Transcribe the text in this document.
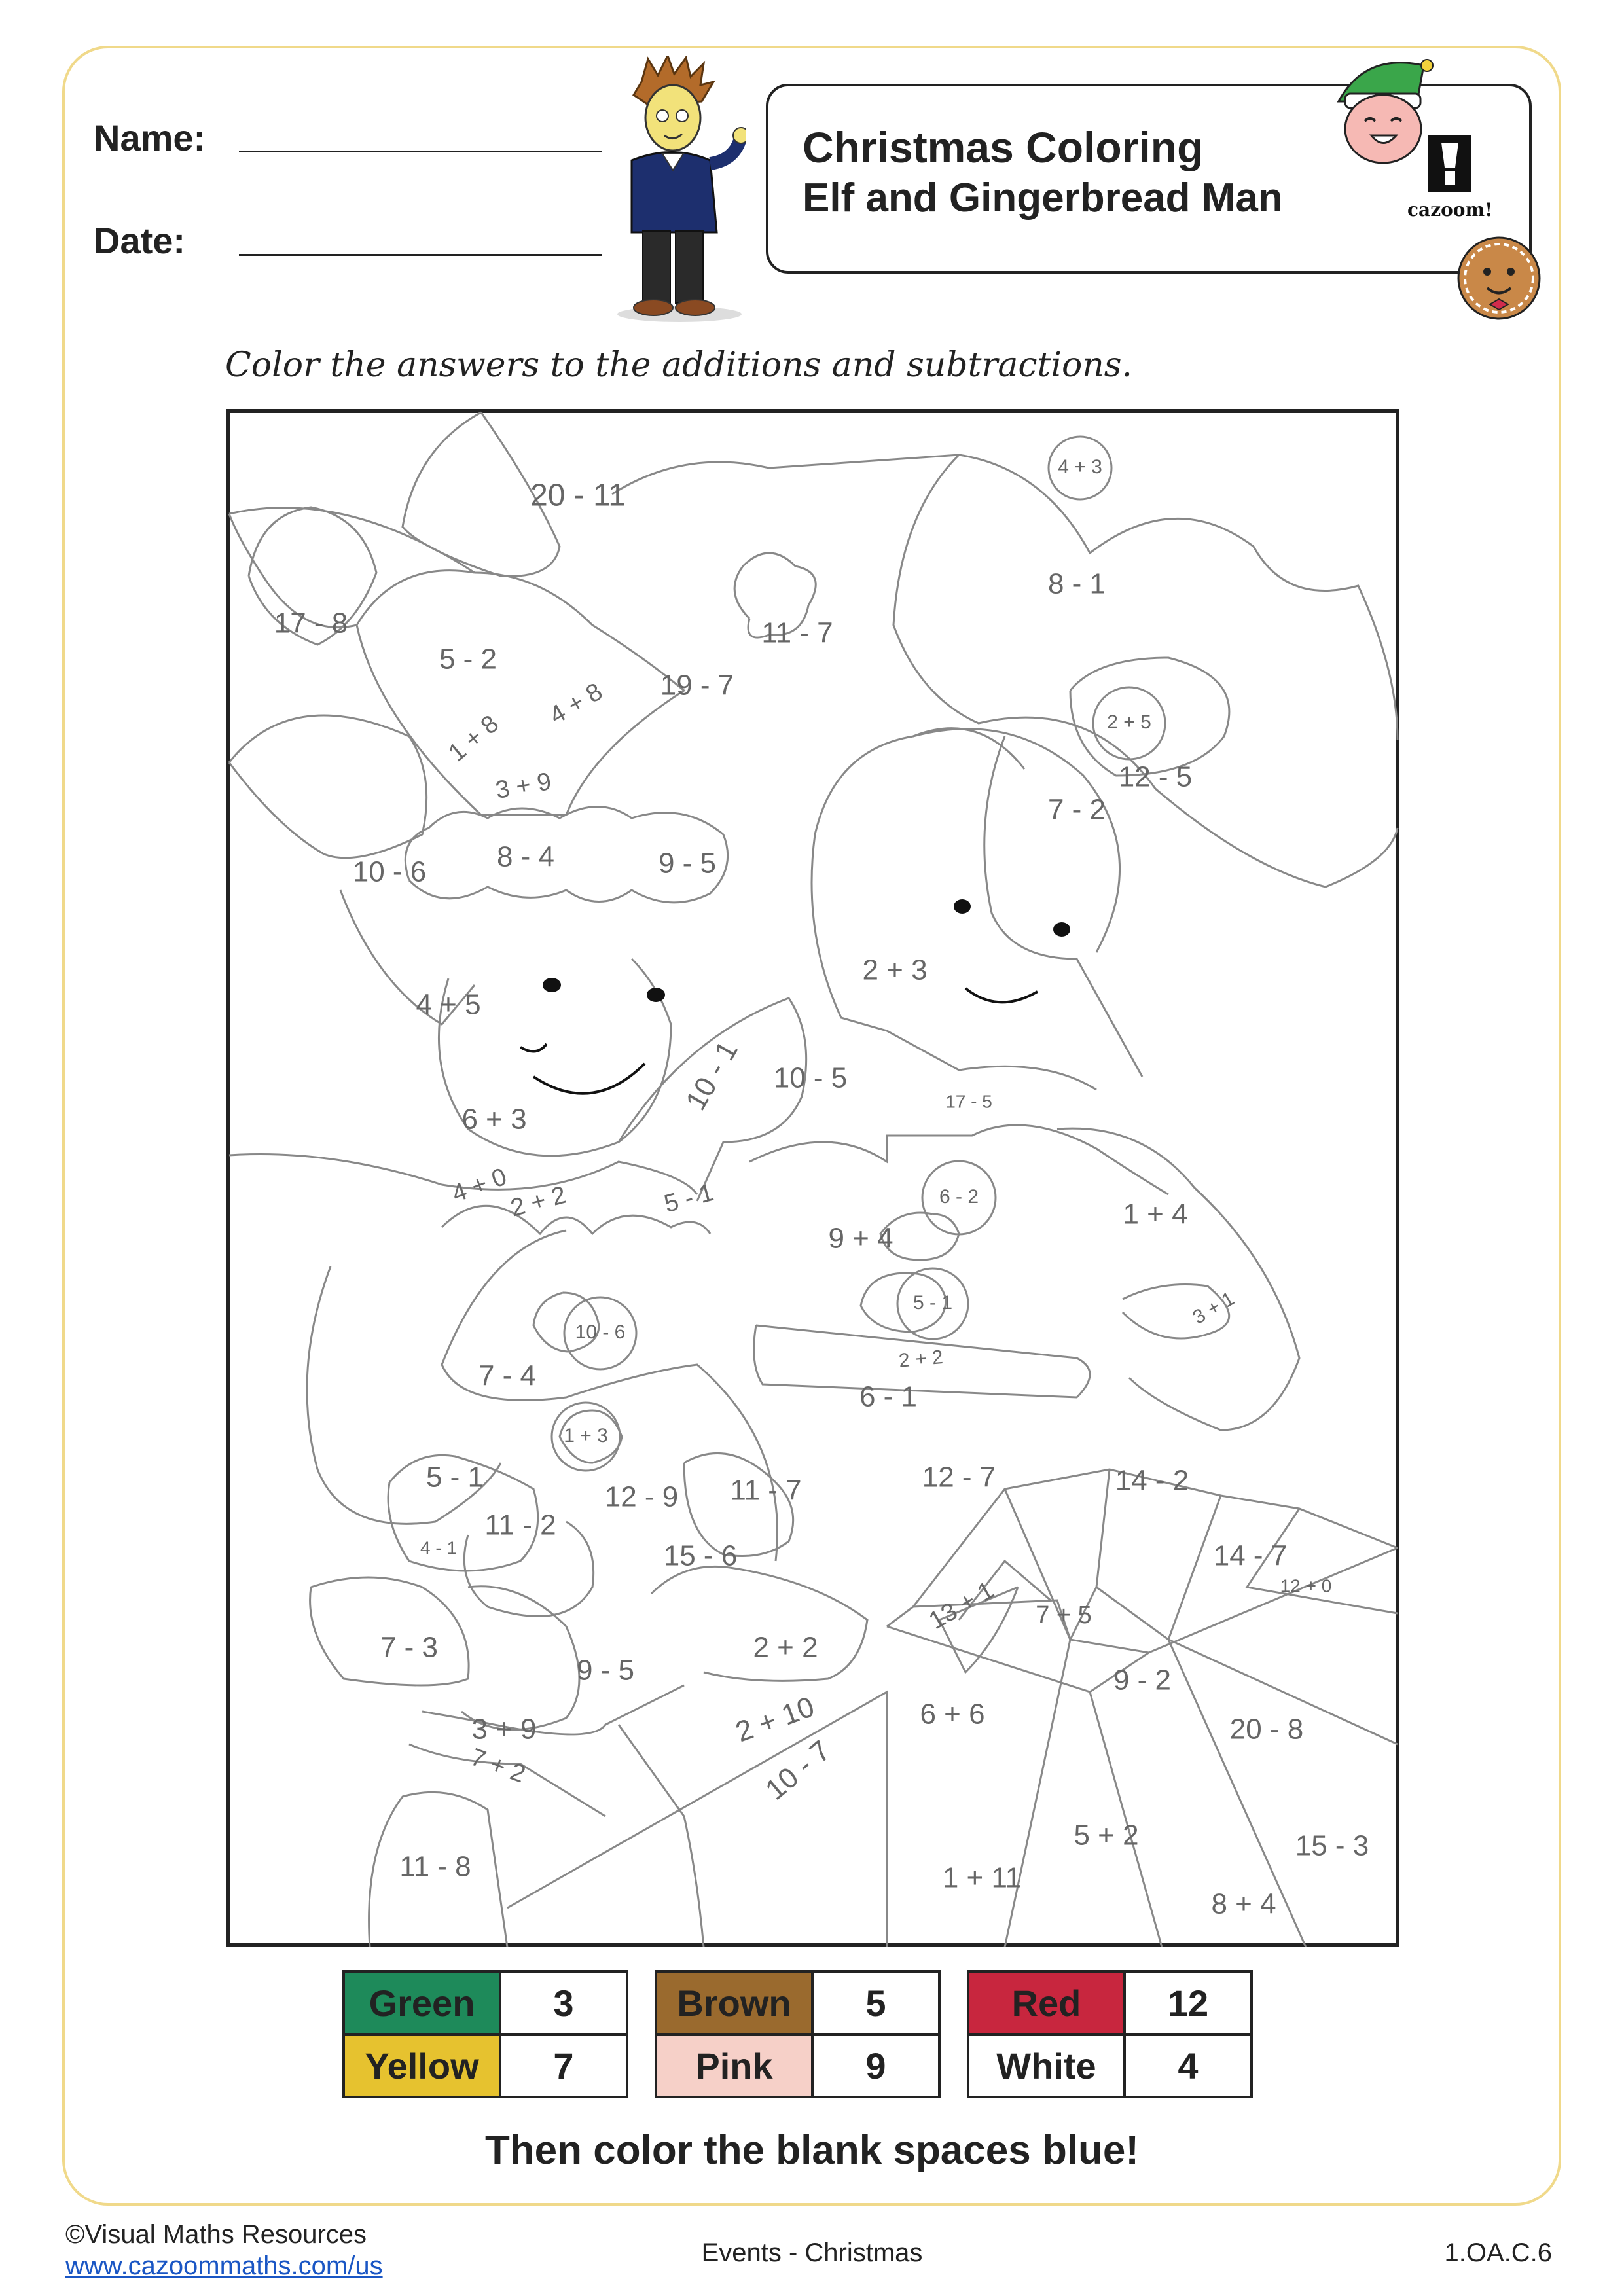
Name:
Date:
Christmas Coloring
Elf and Gingerbread Man	cazoom!
Color the answers to the additions and subtractions.
20 - 11
4 + 3
17 - 8
5 - 2
11 - 7
8 - 1
19 - 7
4 + 8
1 + 8
3 + 9
2 + 5
12 - 5
7 - 2
10 - 6 8 - 4	9 - 5
2 + 3
4 + 5
10 - 1 10 - 5
17 - 5
6 + 3
4 + 0
2 + 2	5 - 1	6 - 2
1 + 4
9 + 4
5 - 1	3 + 1
10 - 6
7 - 4
2 + 2
6 - 1
1 + 3
5 - 1
12 - 9 11 - 7	12 - 7	14 - 2
11 - 2
14 - 7
4 - 1	15 - 6
12 + 0
13 + 1 7 + 5
7 - 3
9 - 5
2 + 2
9 - 2
3 + 9	2 + 10	6 + 6	20 - 8
7 + 2	10 - 7
5 + 2	15 - 3
11 - 8	1 + 11
8 + 4
Green	3
Yellow	7
Brown	5
Pink	9
Red	12
White	4
Then color the blank spaces blue!
©Visual Maths Resources
www.cazoommaths.com/us	Events - Christmas	1.OA.C.6
